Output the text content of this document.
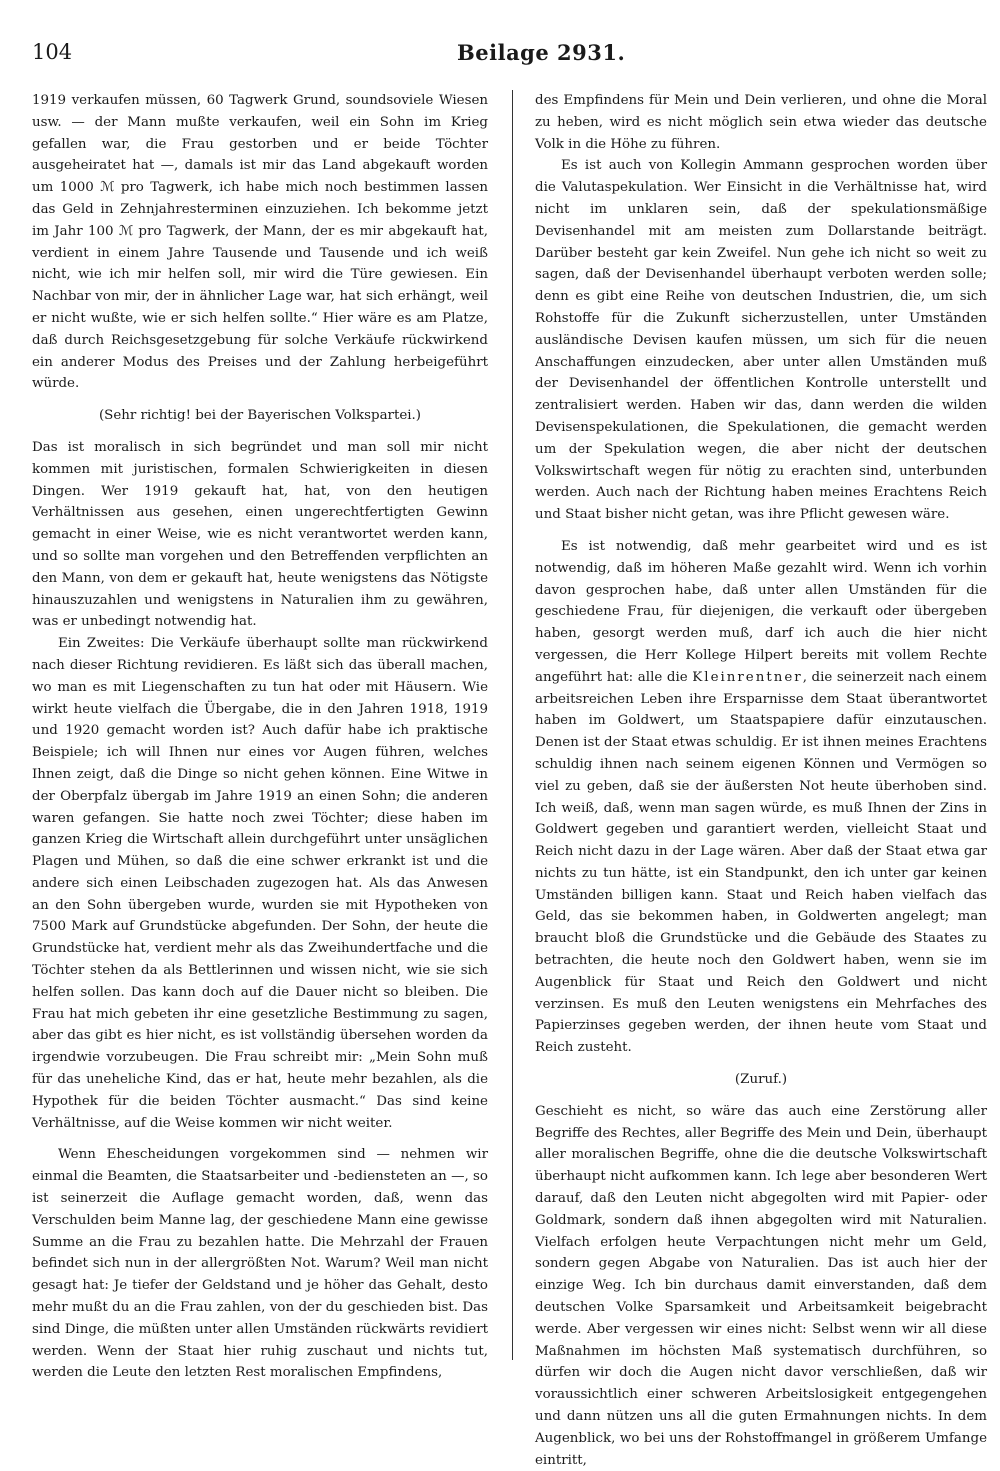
104	Beilage 2931.

1919 verkaufen müssen, 60 Tagwerk Grund, soundsoviele Wiesen usw. — der Mann mußte verkaufen, weil ein Sohn im Krieg gefallen war, die Frau gestorben und er beide Töchter ausgeheiratet hat —, damals ist mir das Land abgekauft worden um 1000 ℳ pro Tagwerk, ich habe mich noch bestimmen lassen das Geld in Zehnjahresterminen einzuziehen. Ich bekomme jetzt im Jahr 100 ℳ pro Tagwerk, der Mann, der es mir abgekauft hat, verdient in einem Jahre Tausende und Tausende und ich weiß nicht, wie ich mir helfen soll, mir wird die Türe gewiesen. Ein Nachbar von mir, der in ähnlicher Lage war, hat sich erhängt, weil er nicht wußte, wie er sich helfen sollte.“ Hier wäre es am Platze, daß durch Reichsgesetzgebung für solche Verkäufe rückwirkend ein anderer Modus des Preises und der Zahlung herbeigeführt würde.

(Sehr richtig! bei der Bayerischen Volkspartei.)

Das ist moralisch in sich begründet und man soll mir nicht kommen mit juristischen, formalen Schwierigkeiten in diesen Dingen. Wer 1919 gekauft hat, hat, von den heutigen Verhältnissen aus gesehen, einen ungerechtfertigten Gewinn gemacht in einer Weise, wie es nicht verantwortet werden kann, und so sollte man vorgehen und den Betreffenden verpflichten an den Mann, von dem er gekauft hat, heute wenigstens das Nötigste hinauszuzahlen und wenigstens in Naturalien ihm zu gewähren, was er unbedingt notwendig hat.

Ein Zweites: Die Verkäufe überhaupt sollte man rückwirkend nach dieser Richtung revidieren. Es läßt sich das überall machen, wo man es mit Liegenschaften zu tun hat oder mit Häusern. Wie wirkt heute vielfach die Übergabe, die in den Jahren 1918, 1919 und 1920 gemacht worden ist? Auch dafür habe ich praktische Beispiele; ich will Ihnen nur eines vor Augen führen, welches Ihnen zeigt, daß die Dinge so nicht gehen können. Eine Witwe in der Oberpfalz übergab im Jahre 1919 an einen Sohn; die anderen waren gefangen. Sie hatte noch zwei Töchter; diese haben im ganzen Krieg die Wirtschaft allein durchgeführt unter unsäglichen Plagen und Mühen, so daß die eine schwer erkrankt ist und die andere sich einen Leibschaden zugezogen hat. Als das Anwesen an den Sohn übergeben wurde, wurden sie mit Hypotheken von 7500 Mark auf Grundstücke abgefunden. Der Sohn, der heute die Grundstücke hat, verdient mehr als das Zweihundertfache und die Töchter stehen da als Bettlerinnen und wissen nicht, wie sie sich helfen sollen. Das kann doch auf die Dauer nicht so bleiben. Die Frau hat mich gebeten ihr eine gesetzliche Bestimmung zu sagen, aber das gibt es hier nicht, es ist vollständig übersehen worden da irgendwie vorzubeugen. Die Frau schreibt mir: „Mein Sohn muß für das uneheliche Kind, das er hat, heute mehr bezahlen, als die Hypothek für die beiden Töchter ausmacht.“ Das sind keine Verhältnisse, auf die Weise kommen wir nicht weiter.

Wenn Ehescheidungen vorgekommen sind — nehmen wir einmal die Beamten, die Staatsarbeiter und -bediensteten an —, so ist seinerzeit die Auflage gemacht worden, daß, wenn das Verschulden beim Manne lag, der geschiedene Mann eine gewisse Summe an die Frau zu bezahlen hatte. Die Mehrzahl der Frauen befindet sich nun in der allergrößten Not. Warum? Weil man nicht gesagt hat: Je tiefer der Geldstand und je höher das Gehalt, desto mehr mußt du an die Frau zahlen, von der du geschieden bist. Das sind Dinge, die müßten unter allen Umständen rückwärts revidiert werden. Wenn der Staat hier ruhig zuschaut und nichts tut, werden die Leute den letzten Rest moralischen Empfindens,

des Empfindens für Mein und Dein verlieren, und ohne die Moral zu heben, wird es nicht möglich sein etwa wieder das deutsche Volk in die Höhe zu führen.

Es ist auch von Kollegin Ammann gesprochen worden über die Valutaspekulation. Wer Einsicht in die Verhältnisse hat, wird nicht im unklaren sein, daß der spekulationsmäßige Devisenhandel mit am meisten zum Dollarstande beiträgt. Darüber besteht gar kein Zweifel. Nun gehe ich nicht so weit zu sagen, daß der Devisenhandel überhaupt verboten werden solle; denn es gibt eine Reihe von deutschen Industrien, die, um sich Rohstoffe für die Zukunft sicherzustellen, unter Umständen ausländische Devisen kaufen müssen, um sich für die neuen Anschaffungen einzudecken, aber unter allen Umständen muß der Devisenhandel der öffentlichen Kontrolle unterstellt und zentralisiert werden. Haben wir das, dann werden die wilden Devisenspekulationen, die Spekulationen, die gemacht werden um der Spekulation wegen, die aber nicht der deutschen Volkswirtschaft wegen für nötig zu erachten sind, unterbunden werden. Auch nach der Richtung haben meines Erachtens Reich und Staat bisher nicht getan, was ihre Pflicht gewesen wäre.

Es ist notwendig, daß mehr gearbeitet wird und es ist notwendig, daß im höheren Maße gezahlt wird. Wenn ich vorhin davon gesprochen habe, daß unter allen Umständen für die geschiedene Frau, für diejenigen, die verkauft oder übergeben haben, gesorgt werden muß, darf ich auch die hier nicht vergessen, die Herr Kollege Hilpert bereits mit vollem Rechte angeführt hat: alle die Kleinrentner, die seinerzeit nach einem arbeitsreichen Leben ihre Ersparnisse dem Staat überantwortet haben im Goldwert, um Staatspapiere dafür einzutauschen. Denen ist der Staat etwas schuldig. Er ist ihnen meines Erachtens schuldig ihnen nach seinem eigenen Können und Vermögen so viel zu geben, daß sie der äußersten Not heute überhoben sind. Ich weiß, daß, wenn man sagen würde, es muß Ihnen der Zins in Goldwert gegeben und garantiert werden, vielleicht Staat und Reich nicht dazu in der Lage wären. Aber daß der Staat etwa gar nichts zu tun hätte, ist ein Standpunkt, den ich unter gar keinen Umständen billigen kann. Staat und Reich haben vielfach das Geld, das sie bekommen haben, in Goldwerten angelegt; man braucht bloß die Grundstücke und die Gebäude des Staates zu betrachten, die heute noch den Goldwert haben, wenn sie im Augenblick für Staat und Reich den Goldwert und nicht verzinsen. Es muß den Leuten wenigstens ein Mehrfaches des Papierzinses gegeben werden, der ihnen heute vom Staat und Reich zusteht.

(Zuruf.)

Geschieht es nicht, so wäre das auch eine Zerstörung aller Begriffe des Rechtes, aller Begriffe des Mein und Dein, überhaupt aller moralischen Begriffe, ohne die die deutsche Volkswirtschaft überhaupt nicht aufkommen kann. Ich lege aber besonderen Wert darauf, daß den Leuten nicht abgegolten wird mit Papier- oder Goldmark, sondern daß ihnen abgegolten wird mit Naturalien. Vielfach erfolgen heute Verpachtungen nicht mehr um Geld, sondern gegen Abgabe von Naturalien. Das ist auch hier der einzige Weg. Ich bin durchaus damit einverstanden, daß dem deutschen Volke Sparsamkeit und Arbeitsamkeit beigebracht werde. Aber vergessen wir eines nicht: Selbst wenn wir all diese Maßnahmen im höchsten Maß systematisch durchführen, so dürfen wir doch die Augen nicht davor verschließen, daß wir voraussichtlich einer schweren Arbeitslosigkeit entgegengehen und dann nützen uns all die guten Ermahnungen nichts. In dem Augenblick, wo bei uns der Rohstoffmangel in größerem Umfange eintritt,
